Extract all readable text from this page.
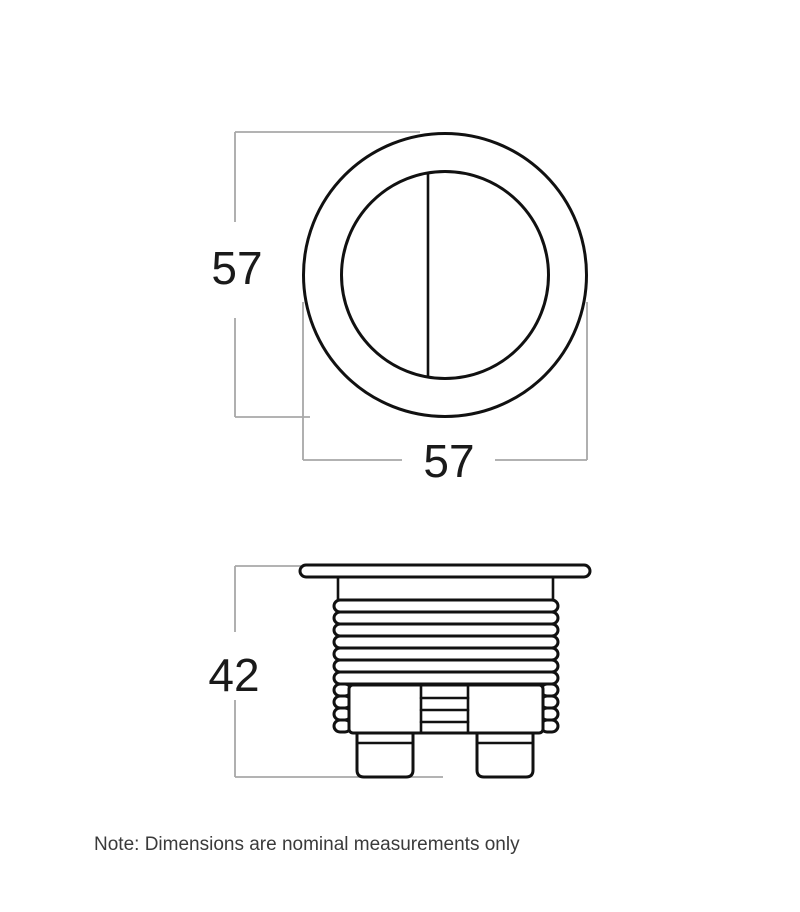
57
57
42
Note: Dimensions are nominal measurements only
